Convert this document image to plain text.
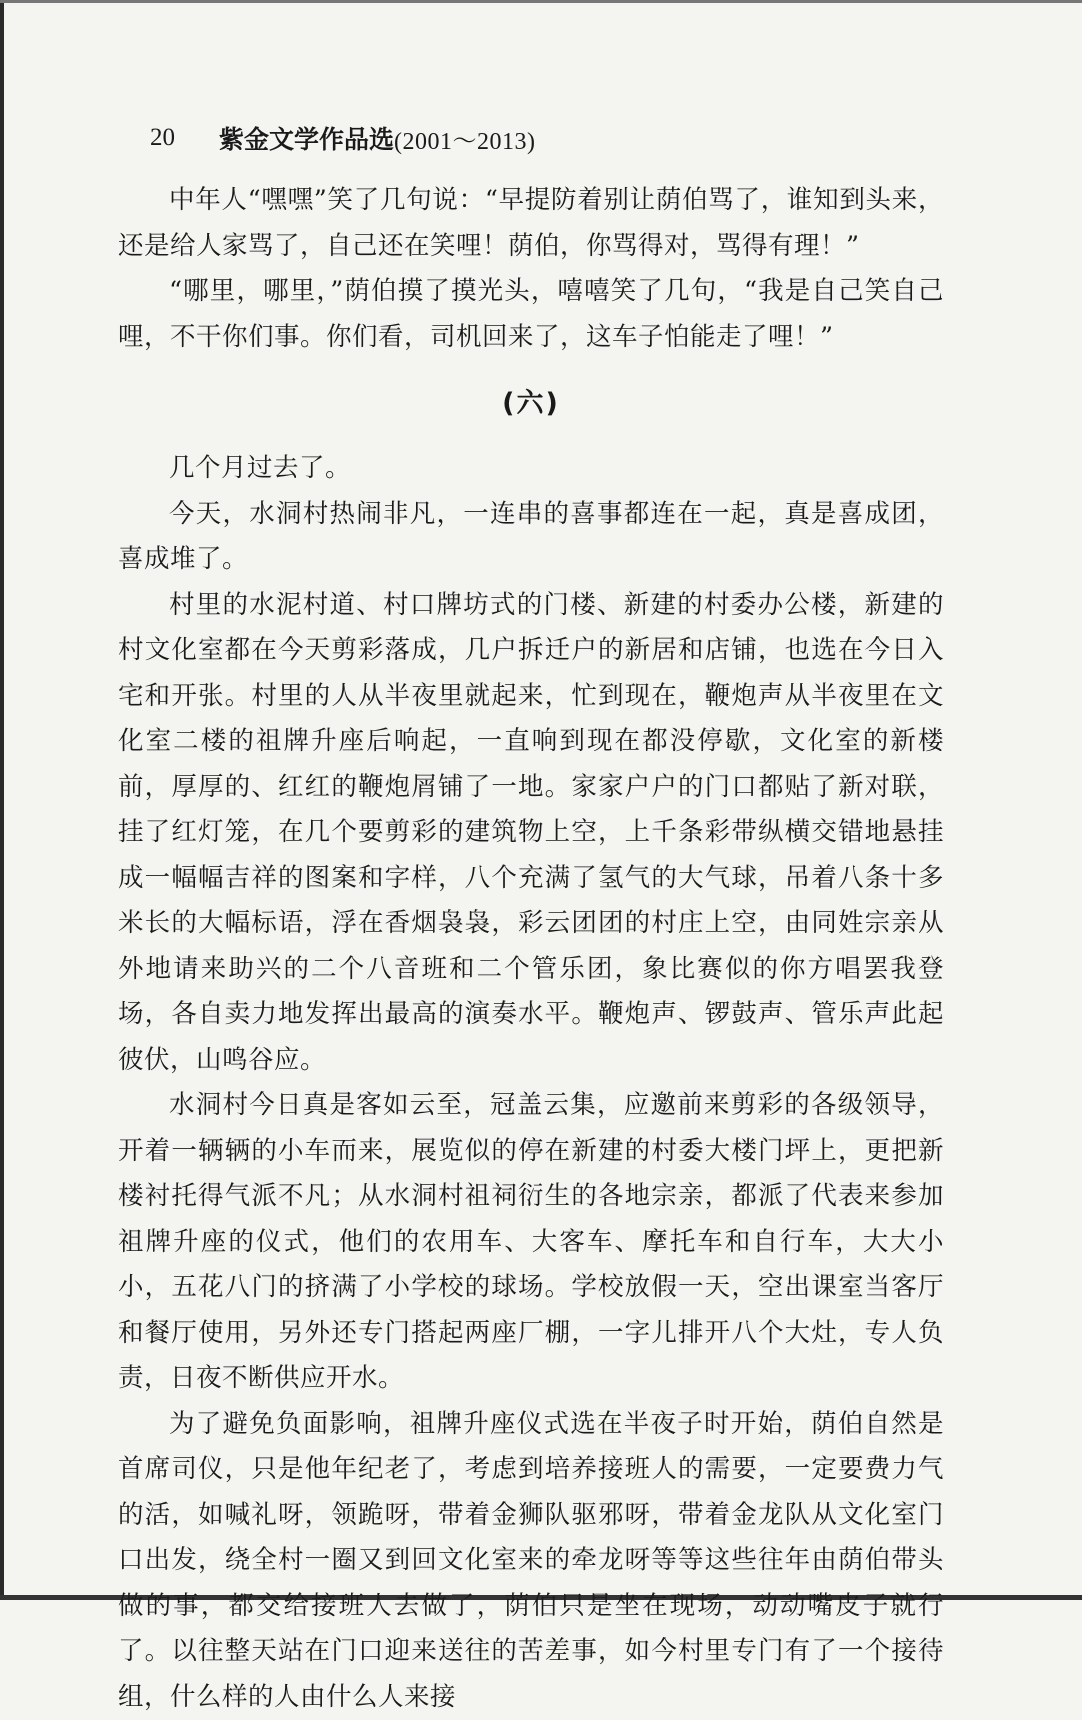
20 紫金文学作品选 (2001～2013)

中年人“嘿嘿”笑了几句说：“早提防着别让荫伯骂了，谁知到头来，还是给人家骂了，自己还在笑哩！荫伯，你骂得对，骂得有理！”

“哪里，哪里，”荫伯摸了摸光头，嘻嘻笑了几句，“我是自己笑自己哩，不干你们事。你们看，司机回来了，这车子怕能走了哩！”

(六)

几个月过去了。

今天，水洞村热闹非凡，一连串的喜事都连在一起，真是喜成团，喜成堆了。

村里的水泥村道、村口牌坊式的门楼、新建的村委办公楼，新建的村文化室都在今天剪彩落成，几户拆迁户的新居和店铺，也选在今日入宅和开张。村里的人从半夜里就起来，忙到现在，鞭炮声从半夜里在文化室二楼的祖牌升座后响起，一直响到现在都没停歇，文化室的新楼前，厚厚的、红红的鞭炮屑铺了一地。家家户户的门口都贴了新对联，挂了红灯笼，在几个要剪彩的建筑物上空，上千条彩带纵横交错地悬挂成一幅幅吉祥的图案和字样，八个充满了氢气的大气球，吊着八条十多米长的大幅标语，浮在香烟袅袅，彩云团团的村庄上空，由同姓宗亲从外地请来助兴的二个八音班和二个管乐团，象比赛似的你方唱罢我登场，各自卖力地发挥出最高的演奏水平。鞭炮声、锣鼓声、管乐声此起彼伏，山鸣谷应。

水洞村今日真是客如云至，冠盖云集，应邀前来剪彩的各级领导，开着一辆辆的小车而来，展览似的停在新建的村委大楼门坪上，更把新楼衬托得气派不凡；从水洞村祖祠衍生的各地宗亲，都派了代表来参加祖牌升座的仪式，他们的农用车、大客车、摩托车和自行车，大大小小，五花八门的挤满了小学校的球场。学校放假一天，空出课室当客厅和餐厅使用，另外还专门搭起两座厂棚，一字儿排开八个大灶，专人负责，日夜不断供应开水。

为了避免负面影响，祖牌升座仪式选在半夜子时开始，荫伯自然是首席司仪，只是他年纪老了，考虑到培养接班人的需要，一定要费力气的活，如喊礼呀，领跪呀，带着金狮队驱邪呀，带着金龙队从文化室门口出发，绕全村一圈又到回文化室来的牵龙呀等等这些往年由荫伯带头做的事，都交给接班人去做了，荫伯只是坐在现场，动动嘴皮子就行了。以往整天站在门口迎来送往的苦差事，如今村里专门有了一个接待组，什么样的人由什么人来接
